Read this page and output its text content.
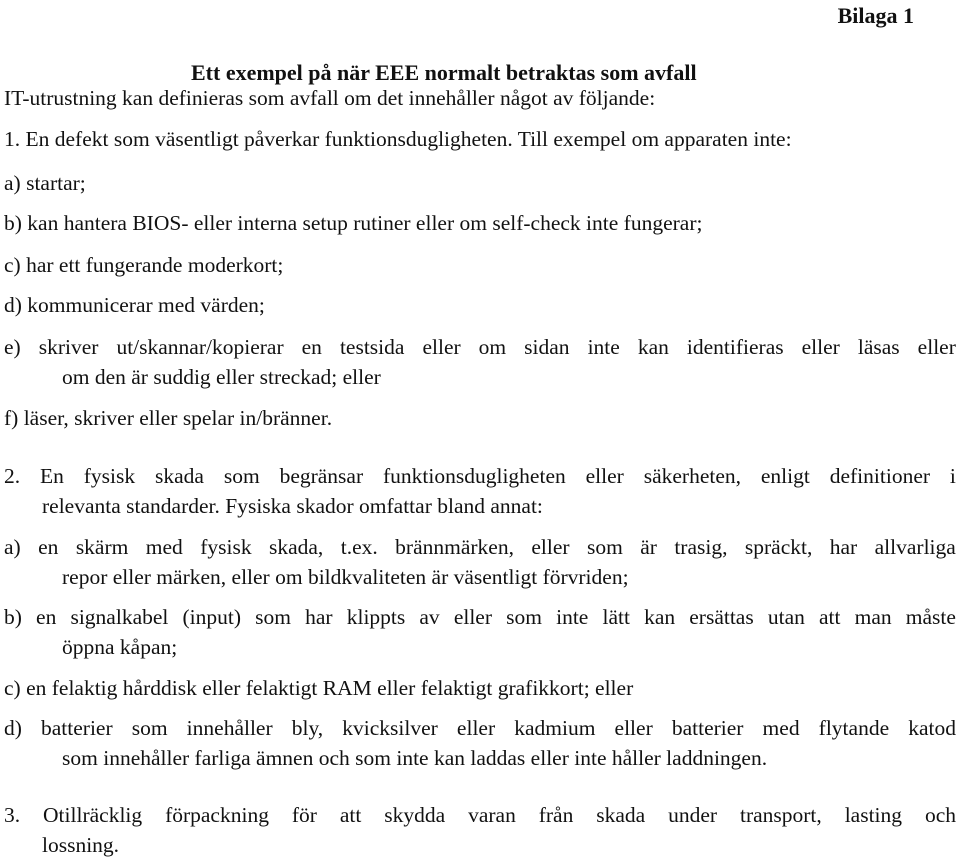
Bilaga 1
Ett exempel på när EEE normalt betraktas som avfall
IT-utrustning kan definieras som avfall om det innehåller något av följande:
1. En defekt som väsentligt påverkar funktionsdugligheten. Till exempel om apparaten inte:
a) startar;
b) kan hantera BIOS- eller interna setup rutiner eller om self-check inte fungerar;
c) har ett fungerande moderkort;
d) kommunicerar med värden;
e) skriver ut/skannar/kopierar en testsida eller om sidan inte kan identifieras eller läsas eller
om den är suddig eller streckad; eller
f) läser, skriver eller spelar in/bränner.
2. En fysisk skada som begränsar funktionsdugligheten eller säkerheten, enligt definitioner i
relevanta standarder. Fysiska skador omfattar bland annat:
a) en skärm med fysisk skada, t.ex. brännmärken, eller som är trasig, spräckt, har allvarliga
repor eller märken, eller om bildkvaliteten är väsentligt förvriden;
b) en signalkabel (input) som har klippts av eller som inte lätt kan ersättas utan att man måste
öppna kåpan;
c) en felaktig hårddisk eller felaktigt RAM eller felaktigt grafikkort; eller
d) batterier som innehåller bly, kvicksilver eller kadmium eller batterier med flytande katod
som innehåller farliga ämnen och som inte kan laddas eller inte håller laddningen.
3. Otillräcklig förpackning för att skydda varan från skada under transport, lasting och
lossning.
